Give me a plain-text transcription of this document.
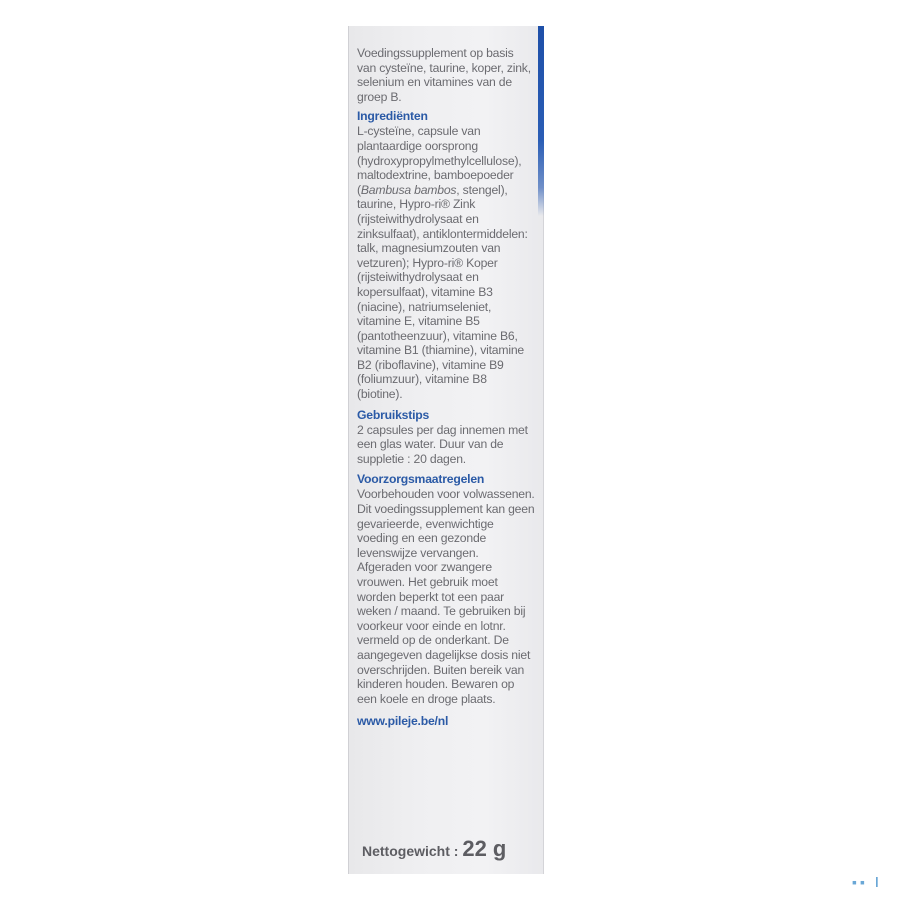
Voedingssupplement op basis van cysteïne, taurine, koper, zink, selenium en vitamines van de groep B.

Ingrediënten

L-cysteïne, capsule van plantaardige oorsprong (hydroxypropylmethylcellulose), maltodextrine, bamboepoeder (Bambusa bambos, stengel), taurine, Hypro-ri® Zink (rijsteiwithydrolysaat en zinksulfaat), antiklontermiddelen: talk, magnesiumzouten van vetzuren); Hypro-ri® Koper (rijsteiwithydrolysaat en kopersulfaat), vitamine B3 (niacine), natriumseleniet, vitamine E, vitamine B5 (pantotheenzuur), vitamine B6, vitamine B1 (thiamine), vitamine B2 (riboflavine), vitamine B9 (foliumzuur), vitamine B8 (biotine).

Gebruikstips

2 capsules per dag innemen met een glas water. Duur van de suppletie : 20 dagen.

Voorzorgsmaatregelen

Voorbehouden voor volwassenen. Dit voedingssupplement kan geen gevarieerde, evenwichtige voeding en een gezonde levenswijze vervangen. Afgeraden voor zwangere vrouwen. Het gebruik moet worden beperkt tot een paar weken / maand. Te gebruiken bij voorkeur voor einde en lotnr. vermeld op de onderkant. De aangegeven dagelijkse dosis niet overschrijden. Buiten bereik van kinderen houden. Bewaren op een koele en droge plaats.

www.pileje.be/nl

Nettogewicht : 22 g
▪▪ ǀ
